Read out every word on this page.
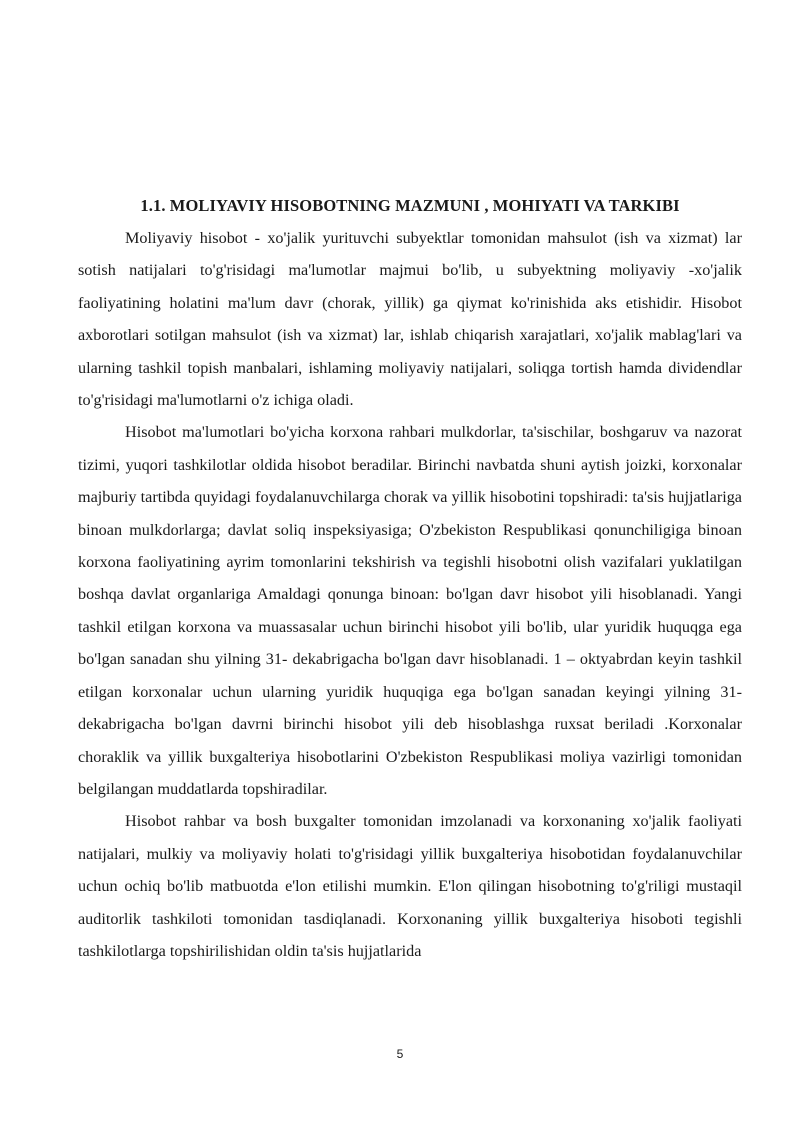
1.1. MOLIYAVIY HISOBOTNING MAZMUNI , MOHIYATI VA TARKIBI

Moliyaviy hisobot - xo'jalik yurituvchi subyektlar tomonidan mahsulot (ish va xizmat) lar sotish natijalari to'g'risidagi ma'lumotlar majmui bo'lib, u subyektning moliyaviy -xo'jalik faoliyatining holatini ma'lum davr (chorak, yillik) ga qiymat ko'rinishida aks etishidir. Hisobot axborotlari sotilgan mahsulot (ish va xizmat) lar, ishlab chiqarish xarajatlari, xo'jalik mablag'lari va ularning tashkil topish manbalari, ishlaming moliyaviy natijalari, soliqga tortish hamda dividendlar to'g'risidagi ma'lumotlarni o'z ichiga oladi.

Hisobot ma'lumotlari bo'yicha korxona rahbari mulkdorlar, ta'sischilar, boshgaruv va nazorat tizimi, yuqori tashkilotlar oldida hisobot beradilar. Birinchi navbatda shuni aytish joizki, korxonalar majburiy tartibda quyidagi foydalanuvchilarga chorak va yillik hisobotini topshiradi: ta'sis hujjatlariga binoan mulkdorlarga; davlat soliq inspeksiyasiga; O'zbekiston Respublikasi qonunchiligiga binoan korxona faoliyatining ayrim tomonlarini tekshirish va tegishli hisobotni olish vazifalari yuklatilgan boshqa davlat organlariga Amaldagi qonunga binoan: bo'lgan davr hisobot yili hisoblanadi. Yangi tashkil etilgan korxona va muassasalar uchun birinchi hisobot yili bo'lib, ular yuridik huquqga ega bo'lgan sanadan shu yilning 31- dekabrigacha bo'lgan davr hisoblanadi. 1 – oktyabrdan keyin tashkil etilgan korxonalar uchun ularning yuridik huquqiga ega bo'lgan sanadan keyingi yilning 31- dekabrigacha bo'lgan davrni birinchi hisobot yili deb hisoblashga ruxsat beriladi .Korxonalar choraklik va yillik buxgalteriya hisobotlarini O'zbekiston Respublikasi moliya vazirligi tomonidan belgilangan muddatlarda topshiradilar.

Hisobot rahbar va bosh buxgalter tomonidan imzolanadi va korxonaning xo'jalik faoliyati natijalari, mulkiy va moliyaviy holati to'g'risidagi yillik buxgalteriya hisobotidan foydalanuvchilar uchun ochiq bo'lib matbuotda e'lon etilishi mumkin. E'lon qilingan hisobotning to'g'riligi mustaqil auditorlik tashkiloti tomonidan tasdiqlanadi. Korxonaning yillik buxgalteriya hisoboti tegishli tashkilotlarga topshirilishidan oldin ta'sis hujjatlarida

5
